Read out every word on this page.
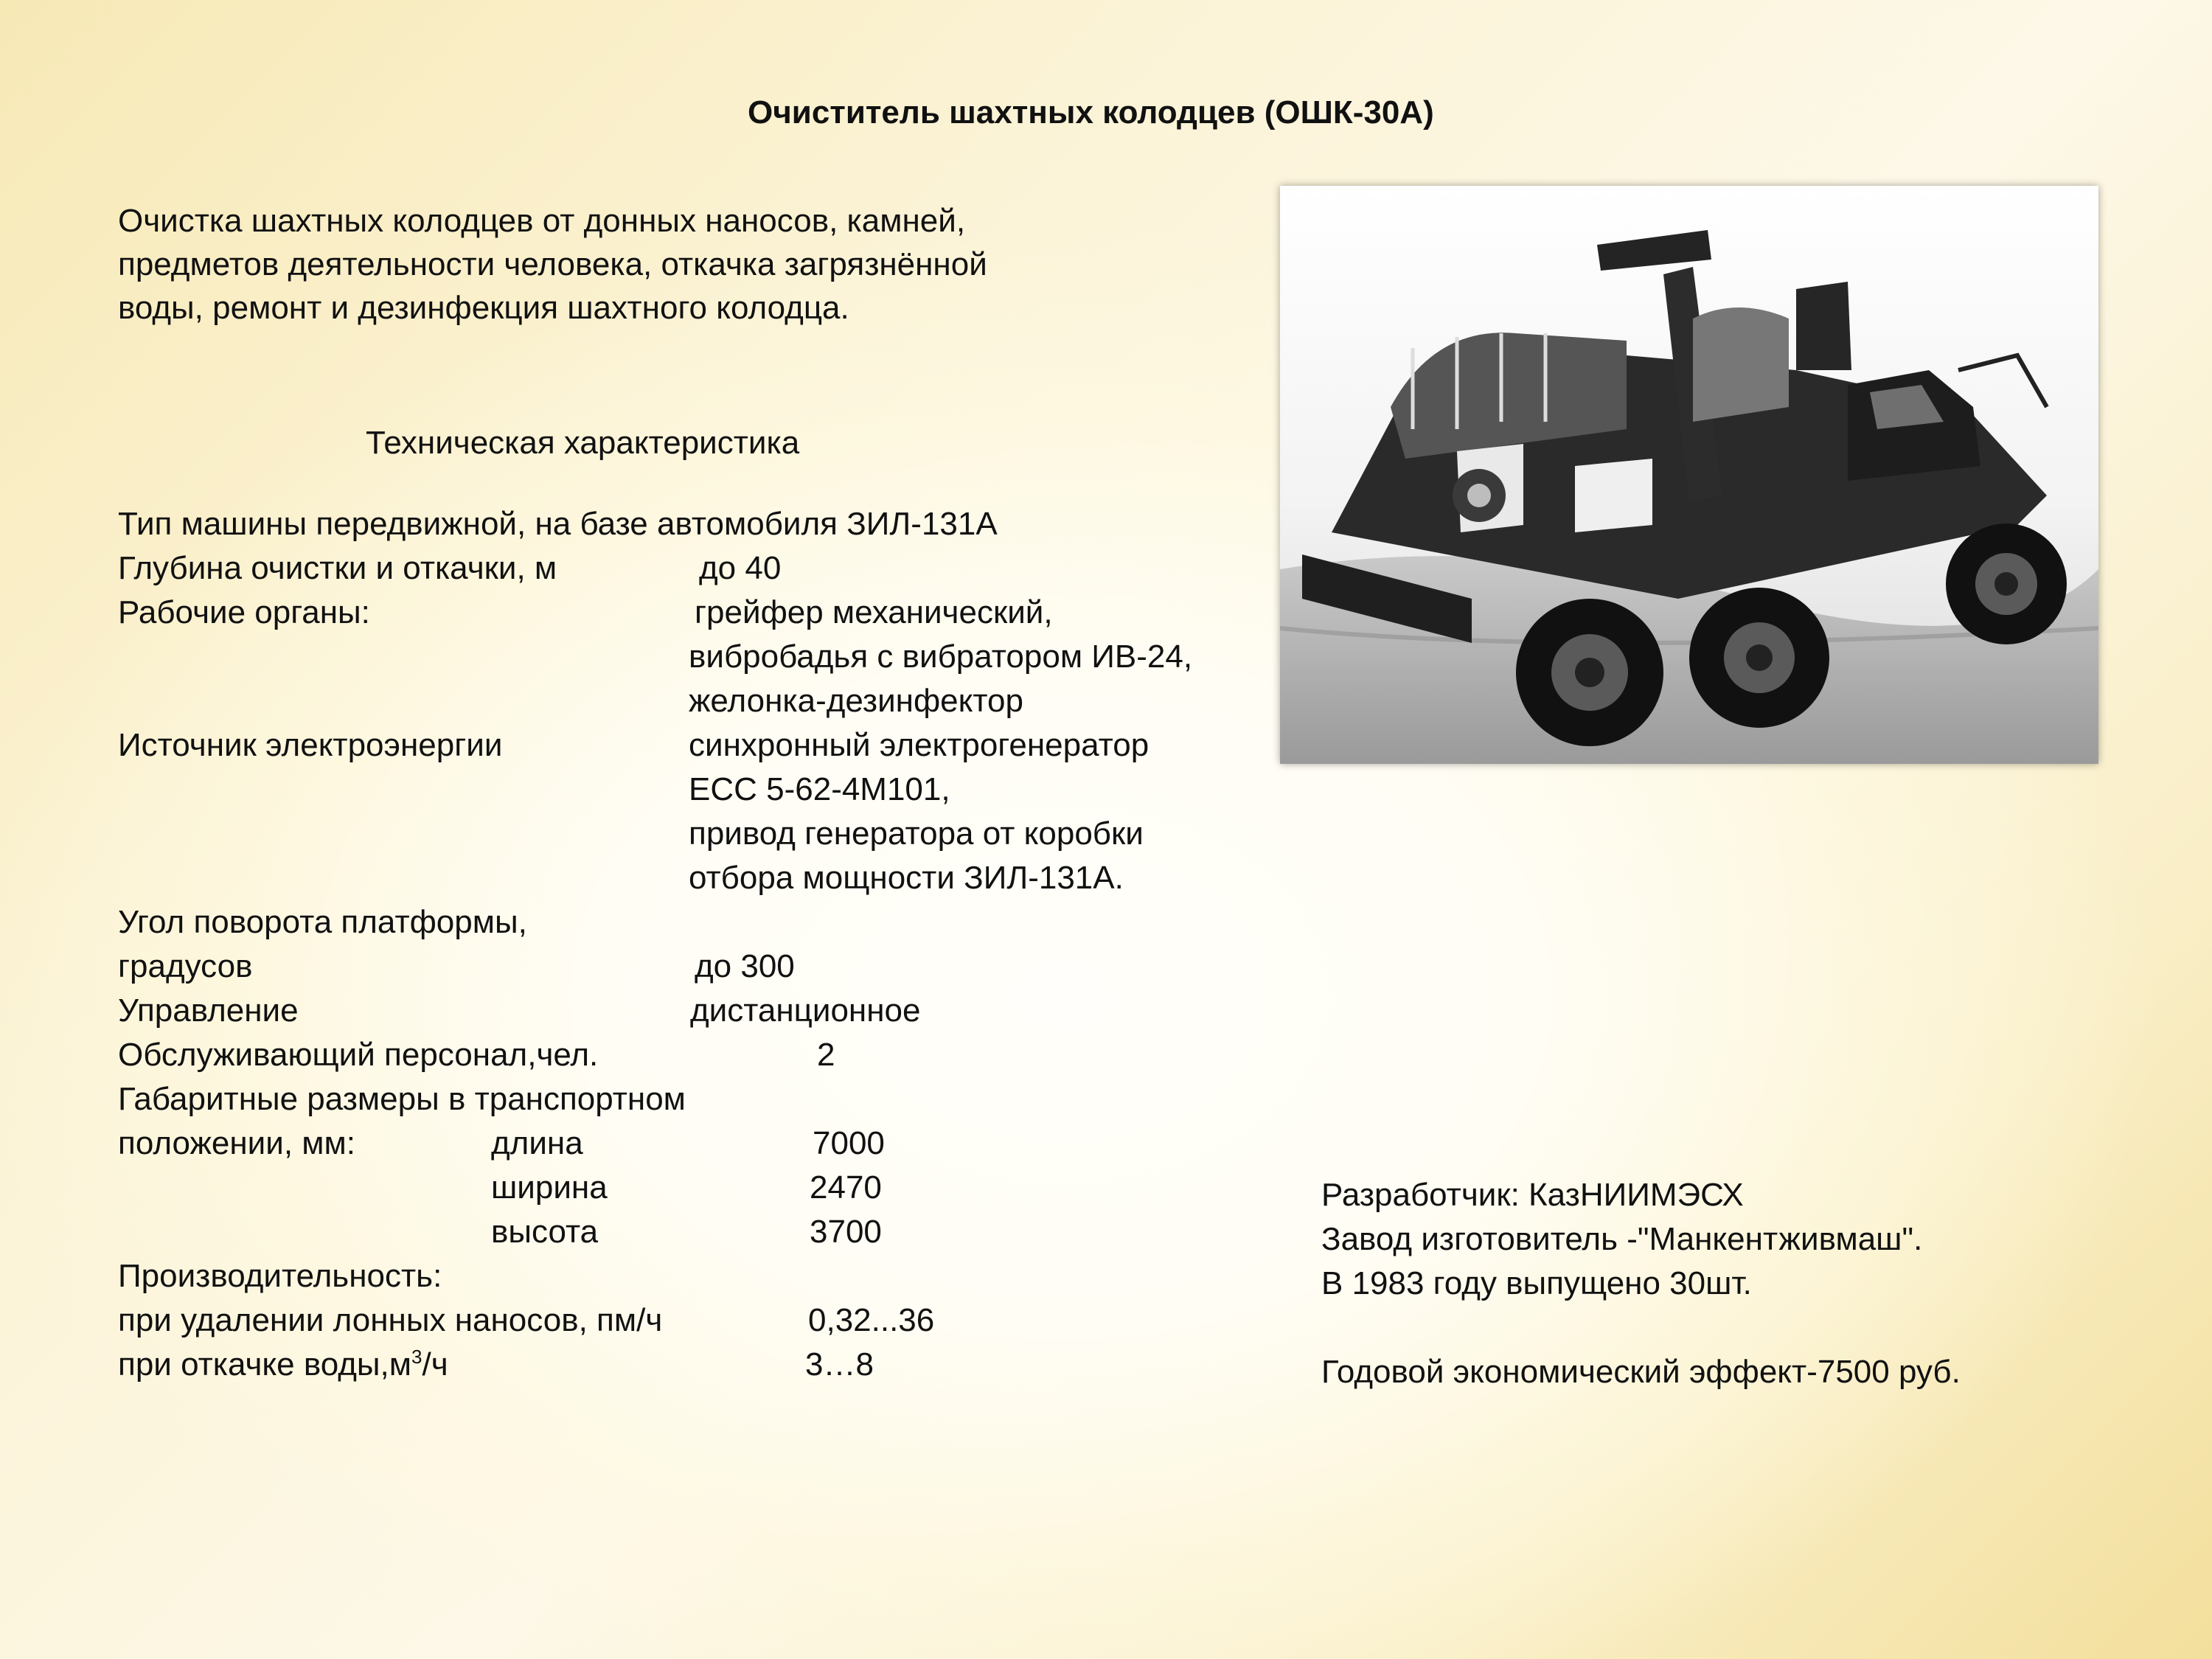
Очиститель шахтных колодцев (ОШК-30А)
Очистка шахтных колодцев от донных наносов, камней,
предметов деятельности человека, откачка загрязнённой
воды, ремонт и дезинфекция шахтного колодца.
Техническая характеристика
Тип машины передвижной, на базе автомобиля ЗИЛ-131А
Глубина очистки и откачки, м	до 40
Рабочие органы:	грейфер механический,
вибробадья с вибратором ИВ-24,
желонка-дезинфектор
Источник электроэнергии	синхронный электрогенератор
ЕСС 5-62-4М101,
привод генератора от коробки
отбора мощности ЗИЛ-131А.
Угол поворота платформы,
градусов	до 300
Управление	дистанционное
Обслуживающий персонал,чел.	2
Габаритные размеры в транспортном
положении, мм:	длина	7000
ширина	2470
высота	3700
Производительность:
при удалении лонных наносов, пм/ч	0,32...36
при откачке $воды,м^3/ч$	3…8
Разработчик: КазНИИМЭСХ
Завод изготовитель -"Манкентживмаш".
В 1983 году выпущено 30шт.
Годовой экономический эффект-7500 руб.
